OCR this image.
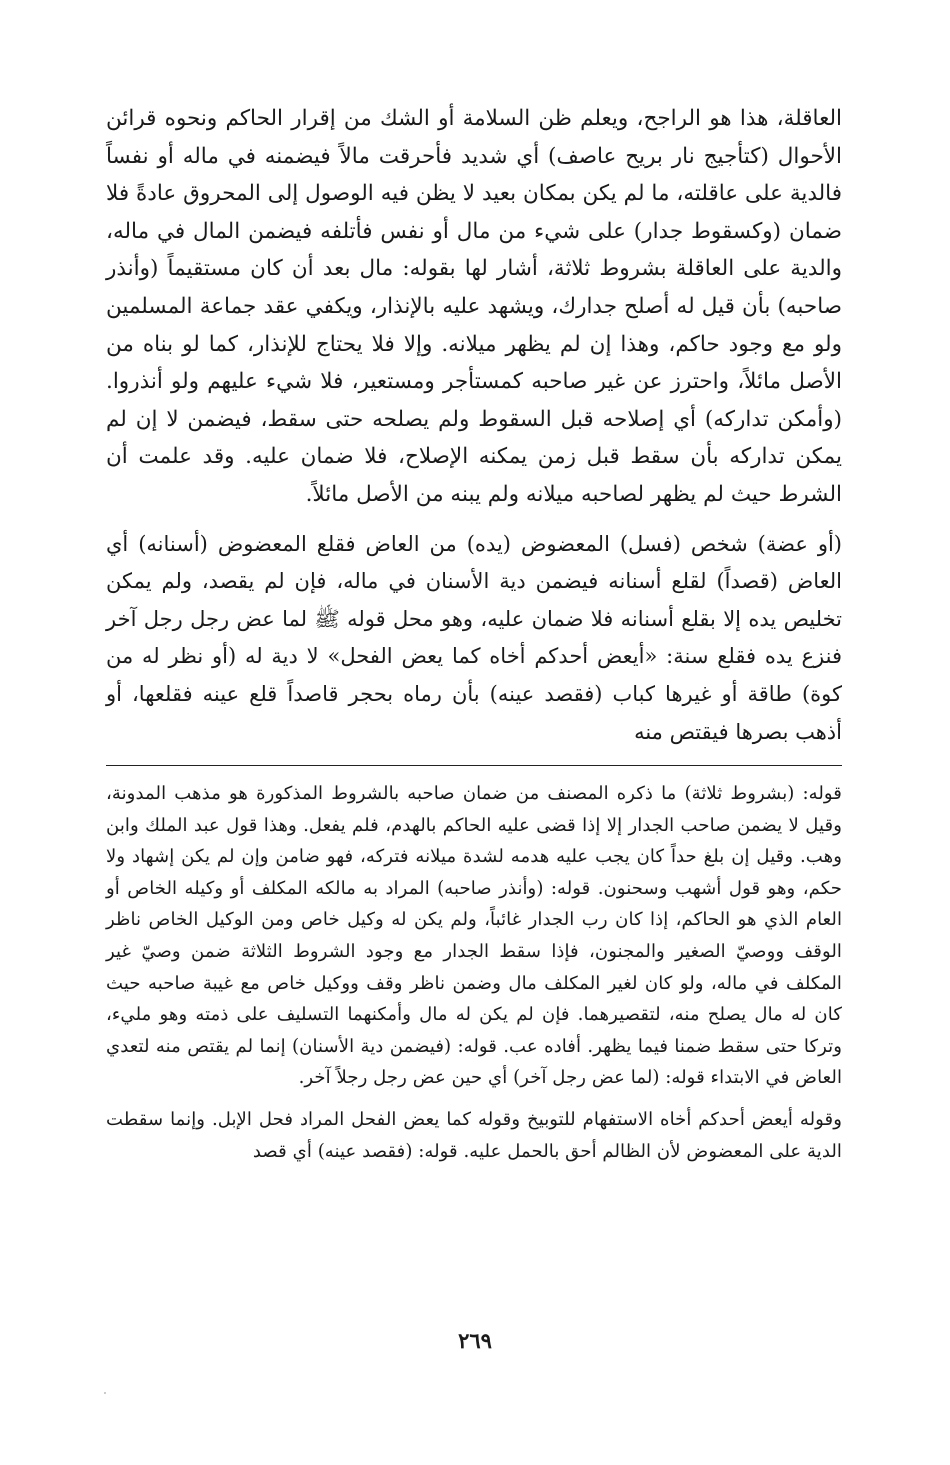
العاقلة، هذا هو الراجح، ويعلم ظن السلامة أو الشك من إقرار الحاكم ونحوه قرائن الأحوال (كتأجيج نار بريح عاصف) أي شديد فأحرقت مالاً فيضمنه في ماله أو نفساً فالدية على عاقلته، ما لم يكن بمكان بعيد لا يظن فيه الوصول إلى المحروق عادةً فلا ضمان (وكسقوط جدار) على شيء من مال أو نفس فأتلفه فيضمن المال في ماله، والدية على العاقلة بشروط ثلاثة، أشار لها بقوله: مال بعد أن كان مستقيماً (وأنذر صاحبه) بأن قيل له أصلح جدارك، ويشهد عليه بالإنذار، ويكفي عقد جماعة المسلمين ولو مع وجود حاكم، وهذا إن لم يظهر ميلانه. وإلا فلا يحتاج للإنذار، كما لو بناه من الأصل مائلاً، واحترز عن غير صاحبه كمستأجر ومستعير، فلا شيء عليهم ولو أنذروا. (وأمكن تداركه) أي إصلاحه قبل السقوط ولم يصلحه حتى سقط، فيضمن لا إن لم يمكن تداركه بأن سقط قبل زمن يمكنه الإصلاح، فلا ضمان عليه. وقد علمت أن الشرط حيث لم يظهر لصاحبه ميلانه ولم يبنه من الأصل مائلاً.

(أو عضة) شخص (فسل) المعضوض (يده) من العاض فقلع المعضوض (أسنانه) أي العاض (قصداً) لقلع أسنانه فيضمن دية الأسنان في ماله، فإن لم يقصد، ولم يمكن تخليص يده إلا بقلع أسنانه فلا ضمان عليه، وهو محل قوله ﷺ لما عض رجل رجل آخر فنزع يده فقلع سنة: «أيعض أحدكم أخاه كما يعض الفحل» لا دية له (أو نظر له من كوة) طاقة أو غيرها كباب (فقصد عينه) بأن رماه بحجر قاصداً قلع عينه فقلعها، أو أذهب بصرها فيقتص منه

قوله: (بشروط ثلاثة) ما ذكره المصنف من ضمان صاحبه بالشروط المذكورة هو مذهب المدونة، وقيل لا يضمن صاحب الجدار إلا إذا قضى عليه الحاكم بالهدم، فلم يفعل. وهذا قول عبد الملك وابن وهب. وقيل إن بلغ حداً كان يجب عليه هدمه لشدة ميلانه فتركه، فهو ضامن وإن لم يكن إشهاد ولا حكم، وهو قول أشهب وسحنون. قوله: (وأنذر صاحبه) المراد به مالكه المكلف أو وكيله الخاص أو العام الذي هو الحاكم، إذا كان رب الجدار غائباً، ولم يكن له وكيل خاص ومن الوكيل الخاص ناظر الوقف ووصيّ الصغير والمجنون، فإذا سقط الجدار مع وجود الشروط الثلاثة ضمن وصيّ غير المكلف في ماله، ولو كان لغير المكلف مال وضمن ناظر وقف ووكيل خاص مع غيبة صاحبه حيث كان له مال يصلح منه، لتقصيرهما. فإن لم يكن له مال وأمكنهما التسليف على ذمته وهو مليء، وتركا حتى سقط ضمنا فيما يظهر. أفاده عب. قوله: (فيضمن دية الأسنان) إنما لم يقتص منه لتعدي العاض في الابتداء قوله: (لما عض رجل آخر) أي حين عض رجل رجلاً آخر.

وقوله أيعض أحدكم أخاه الاستفهام للتوبيخ وقوله كما يعض الفحل المراد فحل الإبل. وإنما سقطت الدية على المعضوض لأن الظالم أحق بالحمل عليه. قوله: (فقصد عينه) أي قصد

٢٦٩
